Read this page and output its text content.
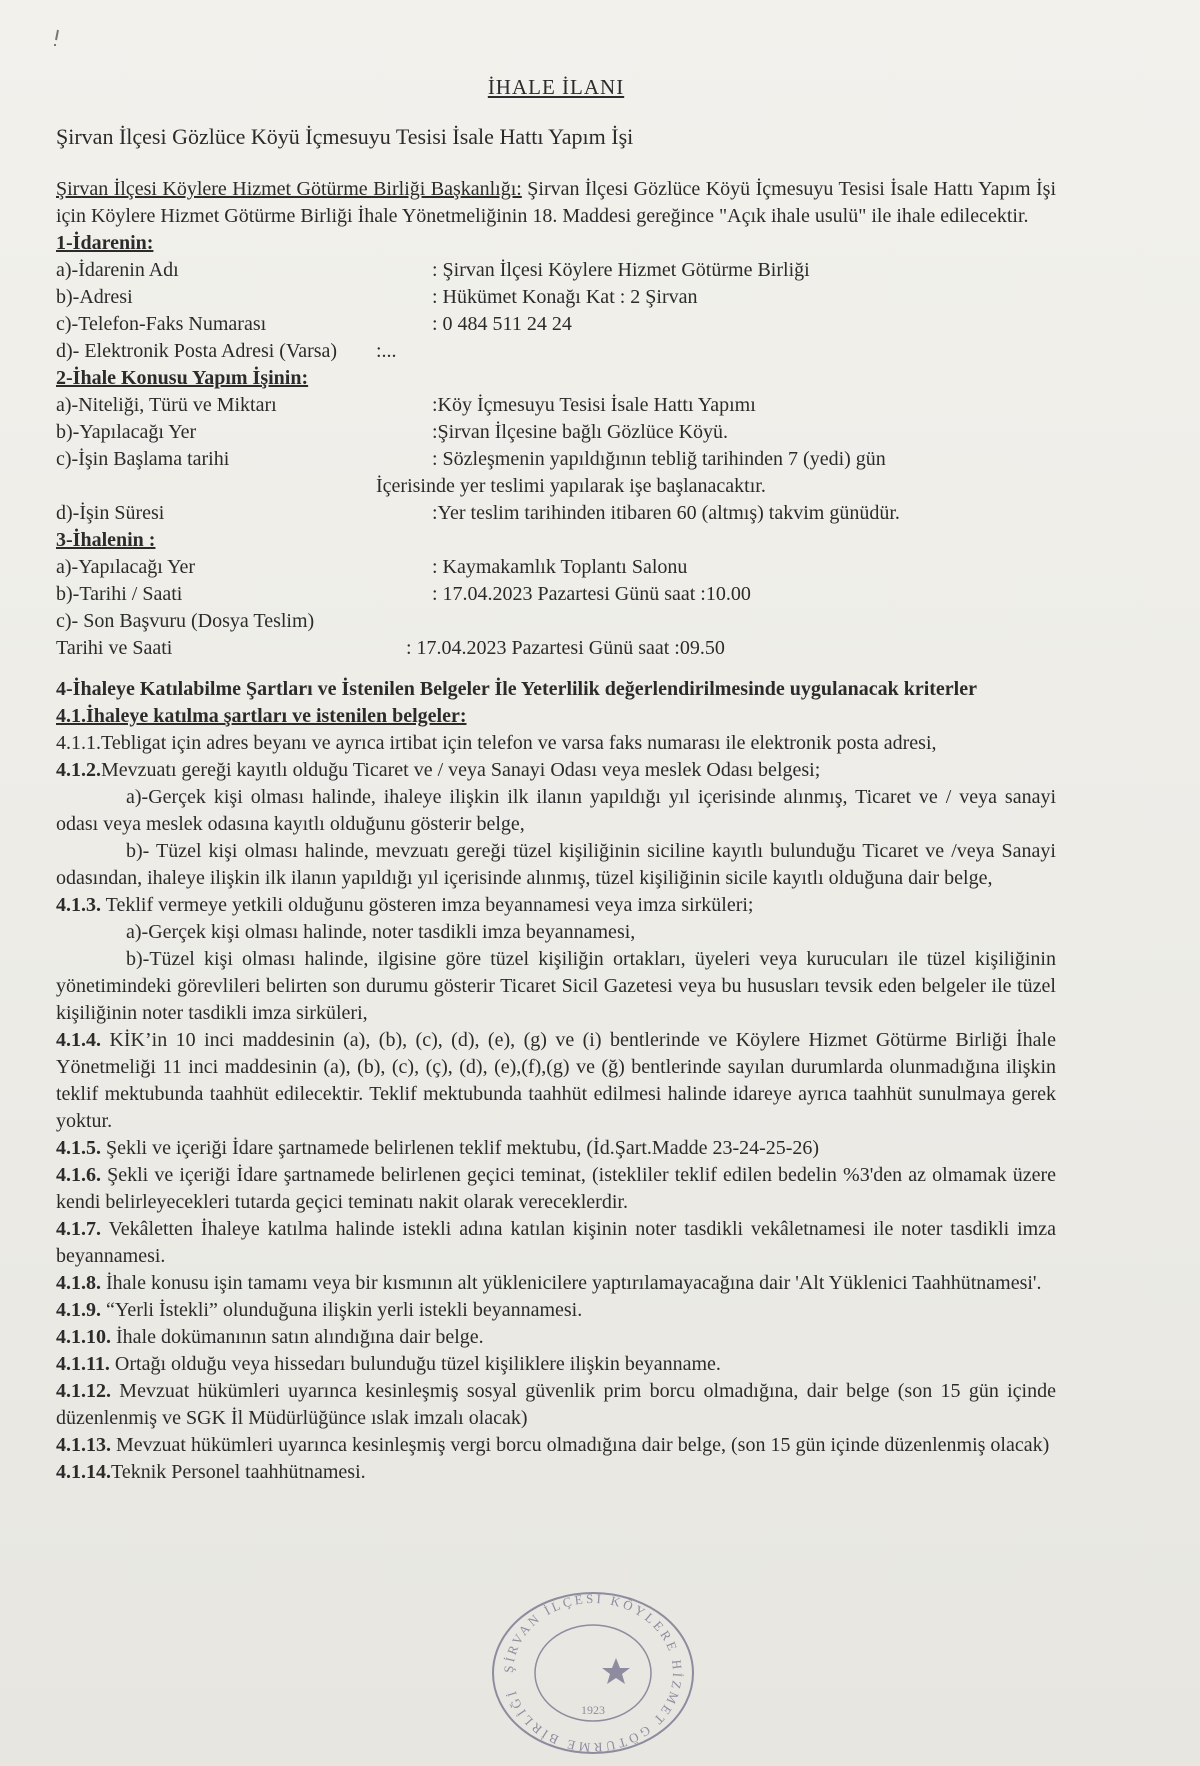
İHALE İLANI
Şirvan İlçesi Gözlüce Köyü İçmesuyu Tesisi İsale Hattı Yapım İşi
Şirvan İlçesi Köylere Hizmet Götürme Birliği Başkanlığı: Şirvan İlçesi Gözlüce Köyü İçmesuyu Tesisi İsale Hattı Yapım İşi için Köylere Hizmet Götürme Birliği İhale Yönetmeliğinin 18. Maddesi gereğince "Açık ihale usulü" ile ihale edilecektir.
1-İdarenin:
a)-İdarenin Adı	: Şirvan İlçesi Köylere Hizmet Götürme Birliği
b)-Adresi	: Hükümet Konağı Kat : 2 Şirvan
c)-Telefon-Faks Numarası	: 0 484 511 24 24
d)- Elektronik Posta Adresi (Varsa)	:...
2-İhale Konusu Yapım İşinin:
a)-Niteliği, Türü ve Miktarı	:Köy İçmesuyu Tesisi İsale Hattı Yapımı
b)-Yapılacağı Yer	:Şirvan İlçesine bağlı Gözlüce Köyü.
c)-İşin Başlama tarihi	: Sözleşmenin yapıldığının tebliğ tarihinden 7 (yedi) gün
İçerisinde yer teslimi yapılarak işe başlanacaktır.
d)-İşin Süresi	:Yer teslim tarihinden itibaren 60 (altmış) takvim günüdür.
3-İhalenin :
a)-Yapılacağı Yer	: Kaymakamlık Toplantı Salonu
b)-Tarihi / Saati	: 17.04.2023 Pazartesi Günü saat :10.00
c)- Son Başvuru (Dosya Teslim)
Tarihi ve Saati	: 17.04.2023 Pazartesi Günü saat :09.50
4-İhaleye Katılabilme Şartları ve İstenilen Belgeler İle Yeterlilik değerlendirilmesinde uygulanacak kriterler
4.1.İhaleye katılma şartları ve istenilen belgeler:
4.1.1.Tebligat için adres beyanı ve ayrıca irtibat için telefon ve varsa faks numarası ile elektronik posta adresi,
4.1.2.Mevzuatı gereği kayıtlı olduğu Ticaret ve / veya Sanayi Odası veya meslek Odası belgesi;
a)-Gerçek kişi olması halinde, ihaleye ilişkin ilk ilanın yapıldığı yıl içerisinde alınmış, Ticaret ve / veya sanayi odası veya meslek odasına kayıtlı olduğunu gösterir belge,
b)- Tüzel kişi olması halinde, mevzuatı gereği tüzel kişiliğinin siciline kayıtlı bulunduğu Ticaret ve /veya Sanayi odasından, ihaleye ilişkin ilk ilanın yapıldığı yıl içerisinde alınmış, tüzel kişiliğinin sicile kayıtlı olduğuna dair belge,
4.1.3. Teklif vermeye yetkili olduğunu gösteren imza beyannamesi veya imza sirküleri;
a)-Gerçek kişi olması halinde, noter tasdikli imza beyannamesi,
b)-Tüzel kişi olması halinde, ilgisine göre tüzel kişiliğin ortakları, üyeleri veya kurucuları ile tüzel kişiliğinin yönetimindeki görevlileri belirten son durumu gösterir Ticaret Sicil Gazetesi veya bu hususları tevsik eden belgeler ile tüzel kişiliğinin noter tasdikli imza sirküleri,
4.1.4. KİK’in 10 inci maddesinin (a), (b), (c), (d), (e), (g) ve (i) bentlerinde ve Köylere Hizmet Götürme Birliği İhale Yönetmeliği 11 inci maddesinin (a), (b), (c), (ç), (d), (e),(f),(g) ve (ğ) bentlerinde sayılan durumlarda olunmadığına ilişkin teklif mektubunda taahhüt edilecektir. Teklif mektubunda taahhüt edilmesi halinde idareye ayrıca taahhüt sunulmaya gerek yoktur.
4.1.5. Şekli ve içeriği İdare şartnamede belirlenen teklif mektubu, (İd.Şart.Madde 23-24-25-26)
4.1.6. Şekli ve içeriği İdare şartnamede belirlenen geçici teminat, (istekliler teklif edilen bedelin %3'den az olmamak üzere kendi belirleyecekleri tutarda geçici teminatı nakit olarak vereceklerdir.
4.1.7. Vekâletten İhaleye katılma halinde istekli adına katılan kişinin noter tasdikli vekâletnamesi ile noter tasdikli imza beyannamesi.
4.1.8. İhale konusu işin tamamı veya bir kısmının alt yüklenicilere yaptırılamayacağına dair 'Alt Yüklenici Taahhütnamesi'.
4.1.9. “Yerli İstekli” olunduğuna ilişkin yerli istekli beyannamesi.
4.1.10. İhale dokümanının satın alındığına dair belge.
4.1.11. Ortağı olduğu veya hissedarı bulunduğu tüzel kişiliklere ilişkin beyanname.
4.1.12. Mevzuat hükümleri uyarınca kesinleşmiş sosyal güvenlik prim borcu olmadığına, dair belge (son 15 gün içinde düzenlenmiş ve SGK İl Müdürlüğünce ıslak imzalı olacak)
4.1.13. Mevzuat hükümleri uyarınca kesinleşmiş vergi borcu olmadığına dair belge, (son 15 gün içinde düzenlenmiş olacak)
4.1.14.Teknik Personel taahhütnamesi.
ŞİRVAN İLÇESİ KÖYLERE HİZMET GÖTÜRME BİRLİĞİ
1923
